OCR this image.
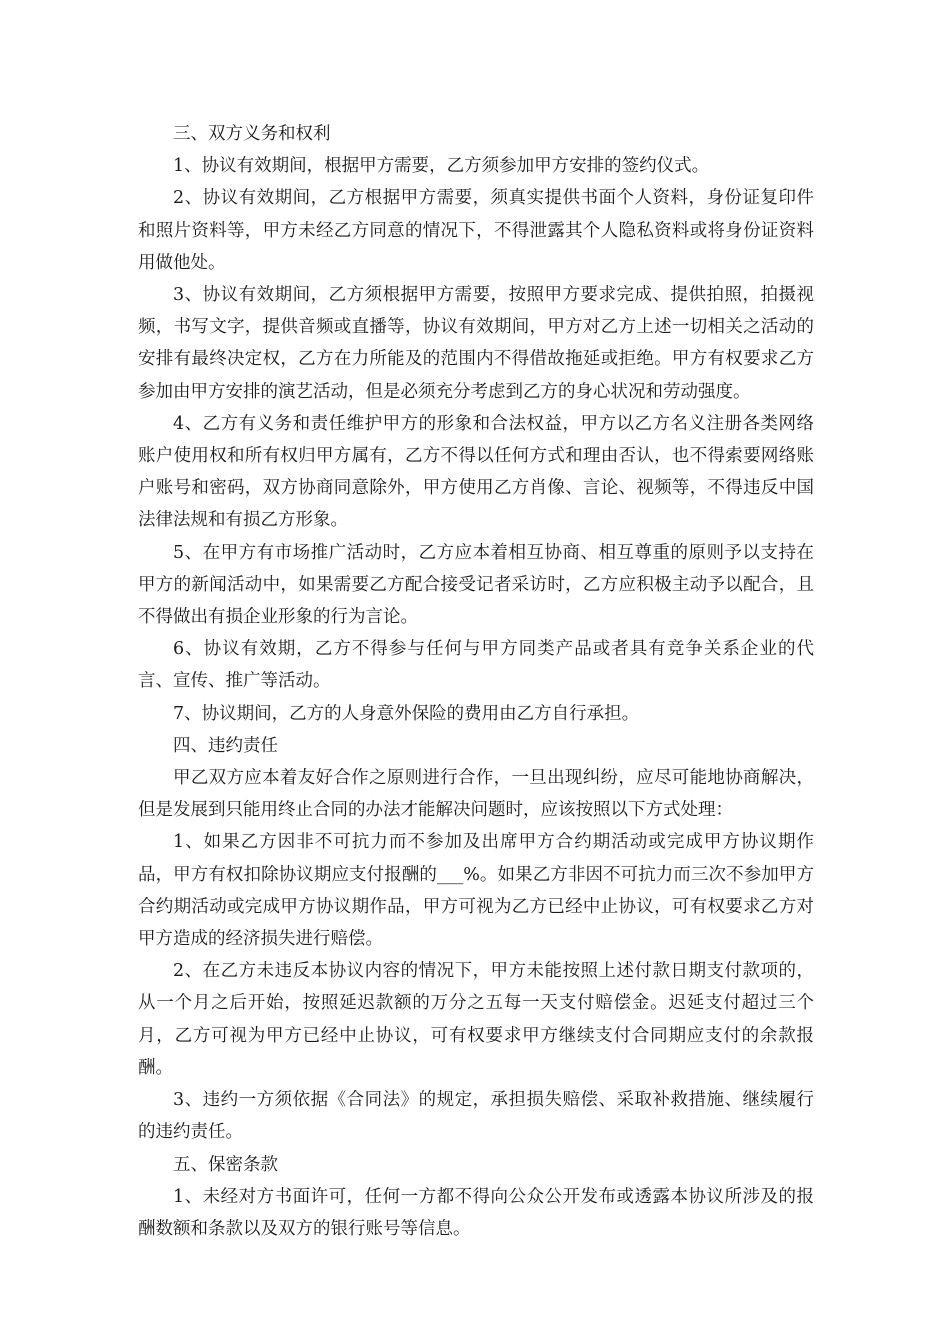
三、双方义务和权利

1、协议有效期间，根据甲方需要，乙方须参加甲方安排的签约仪式。

2、协议有效期间，乙方根据甲方需要，须真实提供书面个人资料，身份证复印件和照片资料等，甲方未经乙方同意的情况下，不得泄露其个人隐私资料或将身份证资料用做他处。

3、协议有效期间，乙方须根据甲方需要，按照甲方要求完成、提供拍照，拍摄视频，书写文字，提供音频或直播等，协议有效期间，甲方对乙方上述一切相关之活动的安排有最终决定权，乙方在力所能及的范围内不得借故拖延或拒绝。甲方有权要求乙方参加由甲方安排的演艺活动，但是必须充分考虑到乙方的身心状况和劳动强度。

4、乙方有义务和责任维护甲方的形象和合法权益，甲方以乙方名义注册各类网络账户使用权和所有权归甲方属有，乙方不得以任何方式和理由否认，也不得索要网络账户账号和密码，双方协商同意除外，甲方使用乙方肖像、言论、视频等，不得违反中国法律法规和有损乙方形象。

5、在甲方有市场推广活动时，乙方应本着相互协商、相互尊重的原则予以支持在甲方的新闻活动中，如果需要乙方配合接受记者采访时，乙方应积极主动予以配合，且不得做出有损企业形象的行为言论。

6、协议有效期，乙方不得参与任何与甲方同类产品或者具有竞争关系企业的代言、宣传、推广等活动。

7、协议期间，乙方的人身意外保险的费用由乙方自行承担。

四、违约责任

甲乙双方应本着友好合作之原则进行合作，一旦出现纠纷，应尽可能地协商解决，但是发展到只能用终止合同的办法才能解决问题时，应该按照以下方式处理：

1、如果乙方因非不可抗力而不参加及出席甲方合约期活动或完成甲方协议期作品，甲方有权扣除协议期应支付报酬的___%。如果乙方非因不可抗力而三次不参加甲方合约期活动或完成甲方协议期作品，甲方可视为乙方已经中止协议，可有权要求乙方对甲方造成的经济损失进行赔偿。

2、在乙方未违反本协议内容的情况下，甲方未能按照上述付款日期支付款项的，从一个月之后开始，按照延迟款额的万分之五每一天支付赔偿金。迟延支付超过三个月，乙方可视为甲方已经中止协议，可有权要求甲方继续支付合同期应支付的余款报酬。

3、违约一方须依据《合同法》的规定，承担损失赔偿、采取补救措施、继续履行的违约责任。

五、保密条款

1、未经对方书面许可，任何一方都不得向公众公开发布或透露本协议所涉及的报酬数额和条款以及双方的银行账号等信息。
